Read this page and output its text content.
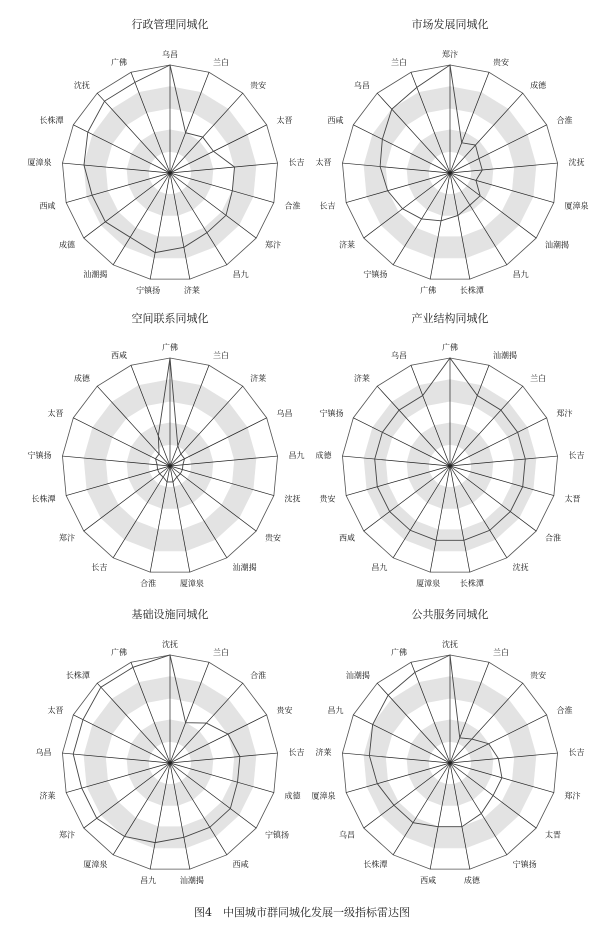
乌昌
兰白
贵安
太晋
长吉
合淮
郑汴
昌九
济莱
宁镇扬
汕潮揭
成德
西咸
厦漳泉
长株潭
沈抚
广佛
行政管理同城化
郑汴
贵安
成德
合淮
沈抚
厦漳泉
汕潮揭
昌九
长株潭
广佛
宁镇扬
济莱
长吉
太晋
西咸
乌昌
兰白
市场发展同城化
广佛
兰白
济莱
乌昌
昌九
沈抚
贵安
汕潮揭
厦漳泉
合淮
长吉
郑汴
长株潭
宁镇扬
太晋
成德
西咸
空间联系同城化
广佛
汕潮揭
兰白
郑汴
长吉
太晋
合淮
沈抚
长株潭
厦漳泉
昌九
西咸
贵安
成德
宁镇扬
济莱
乌昌
产业结构同城化
沈抚
兰白
合淮
贵安
长吉
成德
宁镇扬
西咸
汕潮揭
昌九
厦漳泉
郑汴
济莱
乌昌
太晋
长株潭
广佛
基础设施同城化
沈抚
兰白
贵安
合淮
长吉
郑汴
太晋
宁镇扬
成德
西咸
长株潭
乌昌
厦漳泉
济莱
昌九
汕潮揭
广佛
公共服务同城化
图4　中国城市群同城化发展一级指标雷达图
